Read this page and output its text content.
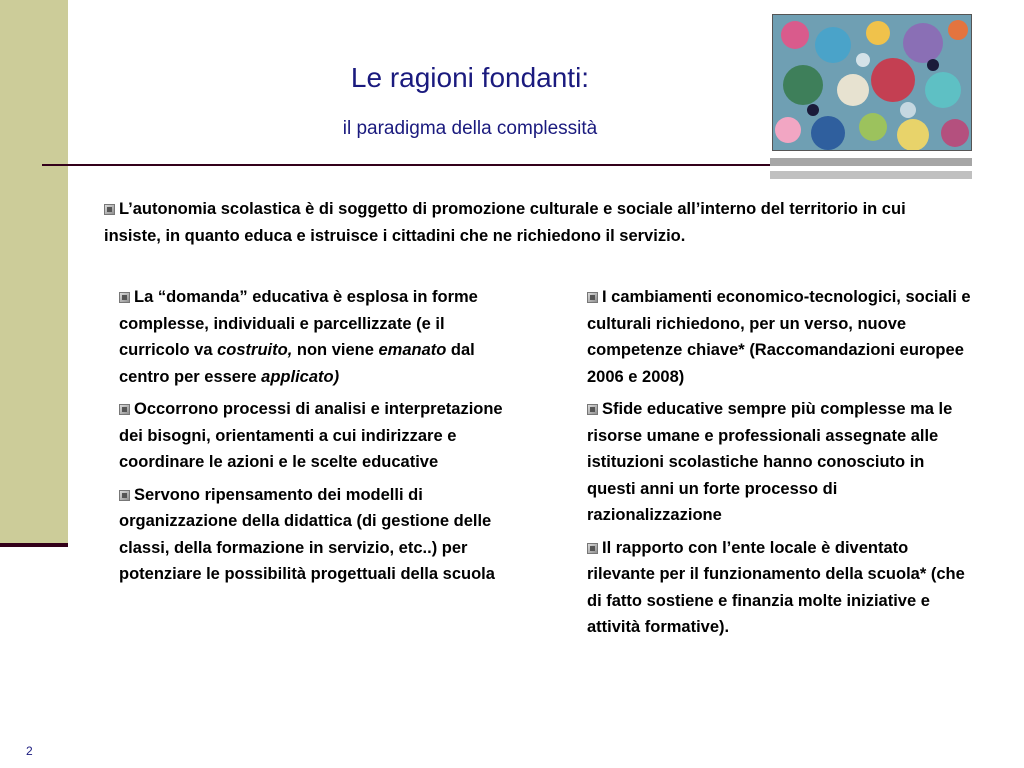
Le ragioni fondanti:
il paradigma della complessità
L’autonomia scolastica è di soggetto di promozione culturale e sociale all’interno del territorio in cui insiste, in quanto educa e istruisce i cittadini che ne richiedono il servizio.
La “domanda” educativa è esplosa in forme complesse, individuali e parcellizzate (e il curricolo va costruito, non viene emanato dal centro per essere applicato)
Occorrono processi di analisi e interpretazione dei bisogni, orientamenti a cui indirizzare e coordinare le azioni e le scelte educative
Servono ripensamento dei modelli di organizzazione della didattica (di gestione delle classi, della formazione in servizio, etc..) per potenziare le possibilità progettuali della scuola
I cambiamenti economico-tecnologici, sociali e culturali richiedono, per un verso, nuove competenze chiave* (Raccomandazioni europee 2006 e 2008)
Sfide educative sempre più complesse ma le risorse umane e professionali assegnate alle istituzioni scolastiche hanno conosciuto in questi anni un forte processo di razionalizzazione
Il rapporto con l’ente locale è diventato rilevante per il funzionamento della scuola* (che di fatto sostiene e finanzia molte iniziative e attività formative).
2
